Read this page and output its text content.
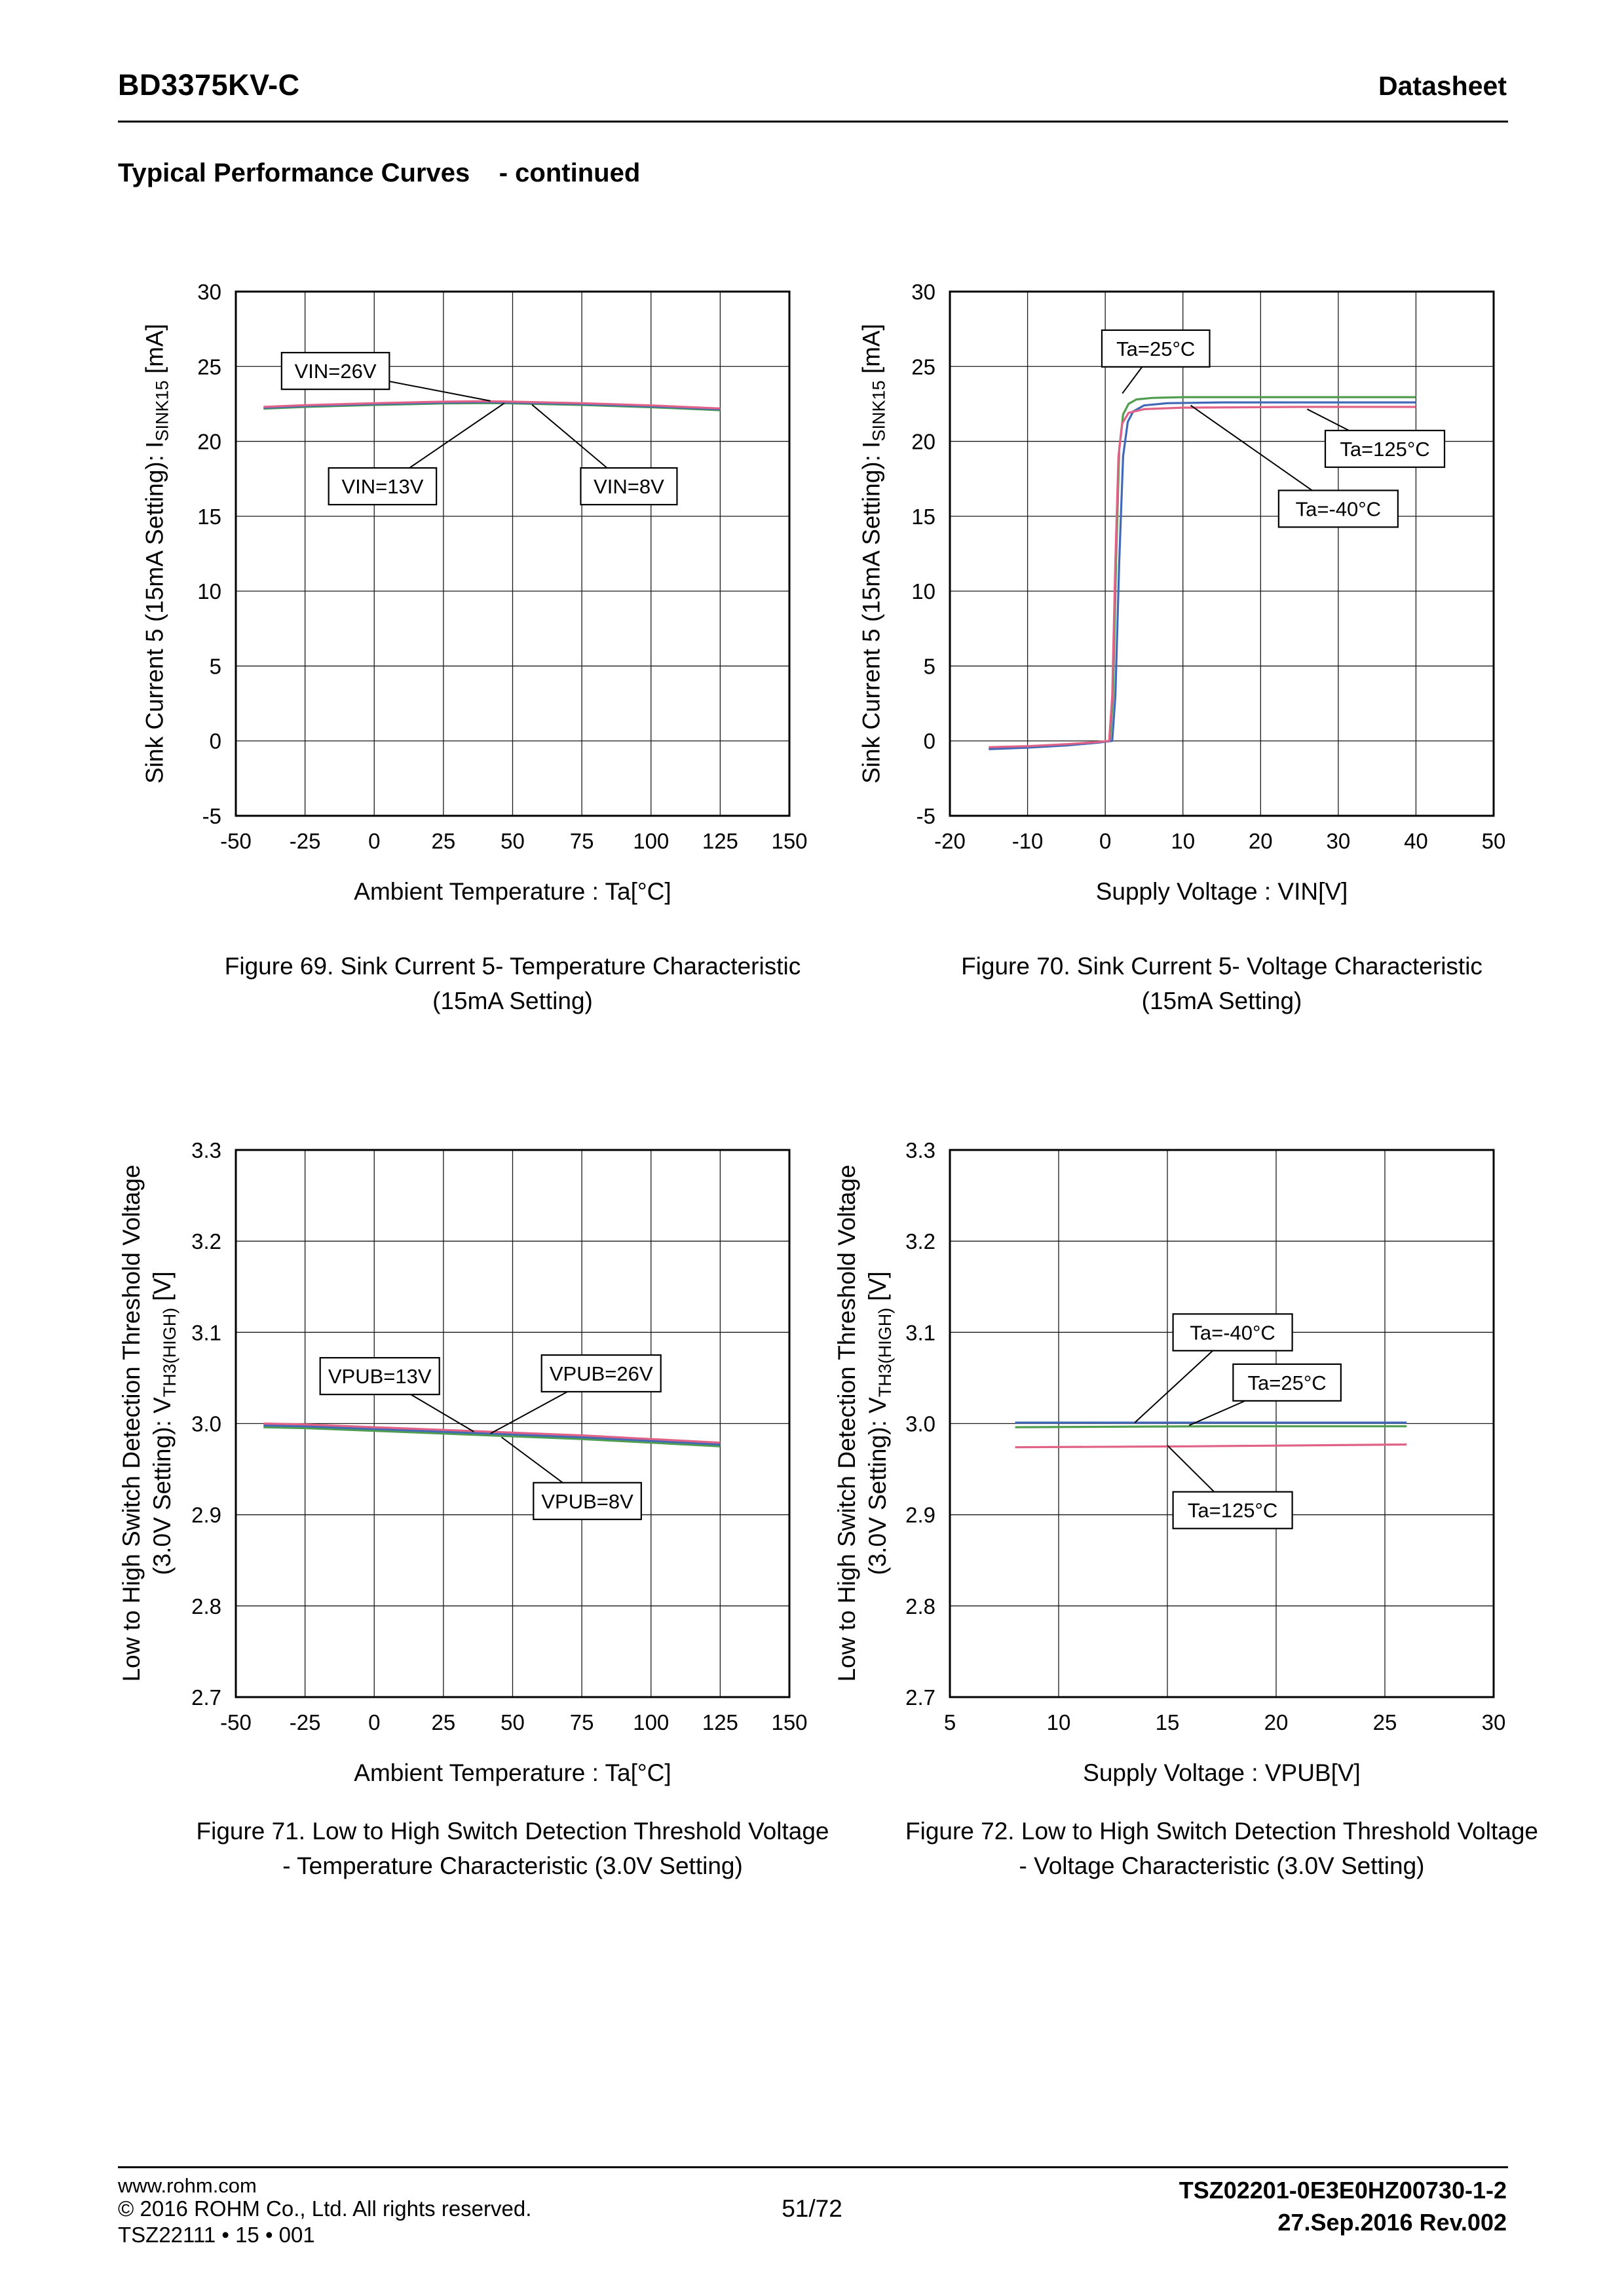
BD3375KV-C	Datasheet
Typical Performance Curves    - continued
-50 -25 0 25 50 75 100 125 150
30
25
20
15
10
5
0
-5
VIN=26V
VIN=13V	VIN=8V
Sink Current 5 (15mA Setting): $I_{SINK15}$ [mA]
Ambient Temperature : Ta[°C]
Figure 69. Sink Current 5- Temperature Characteristic
(15mA Setting)
-20 -10	0	10 20 30 40 50
30
25
20
15
10
5
0
-5
Ta=25°C
Ta=125°C
Ta=-40°C
Sink Current 5 (15mA Setting): $I_{SINK15}$ [mA]
Supply Voltage : VIN[V]
Figure 70. Sink Current 5- Voltage Characteristic
(15mA Setting)
-50 -25 0 25 50 75 100 125 150
3.3
3.2
3.1
3.0
2.9
2.8
2.7
VPUB=13V	VPUB=26V
VPUB=8V
Low to High Switch Detection Threshold Voltage (3.0V Setting): $V_{TH3(HIGH)}$ [V]
Ambient Temperature : Ta[°C]
Figure 71. Low to High Switch Detection Threshold Voltage
- Temperature Characteristic (3.0V Setting)
5	10	15	20	25	30
3.3
3.2
3.1
3.0
2.9
2.8
2.7
Ta=-40°C
Ta=25°C
Ta=125°C
Low to High Switch Detection Threshold Voltage (3.0V Setting): $V_{TH3(HIGH)}$ [V]
Supply Voltage : VPUB[V]
Figure 72. Low to High Switch Detection Threshold Voltage
- Voltage Characteristic (3.0V Setting)
www.rohm.com
© 2016 ROHM Co., Ltd. All rights reserved.
TSZ22111 • 15 • 001
51/72
TSZ02201-0E3E0HZ00730-1-2
27.Sep.2016 Rev.002
